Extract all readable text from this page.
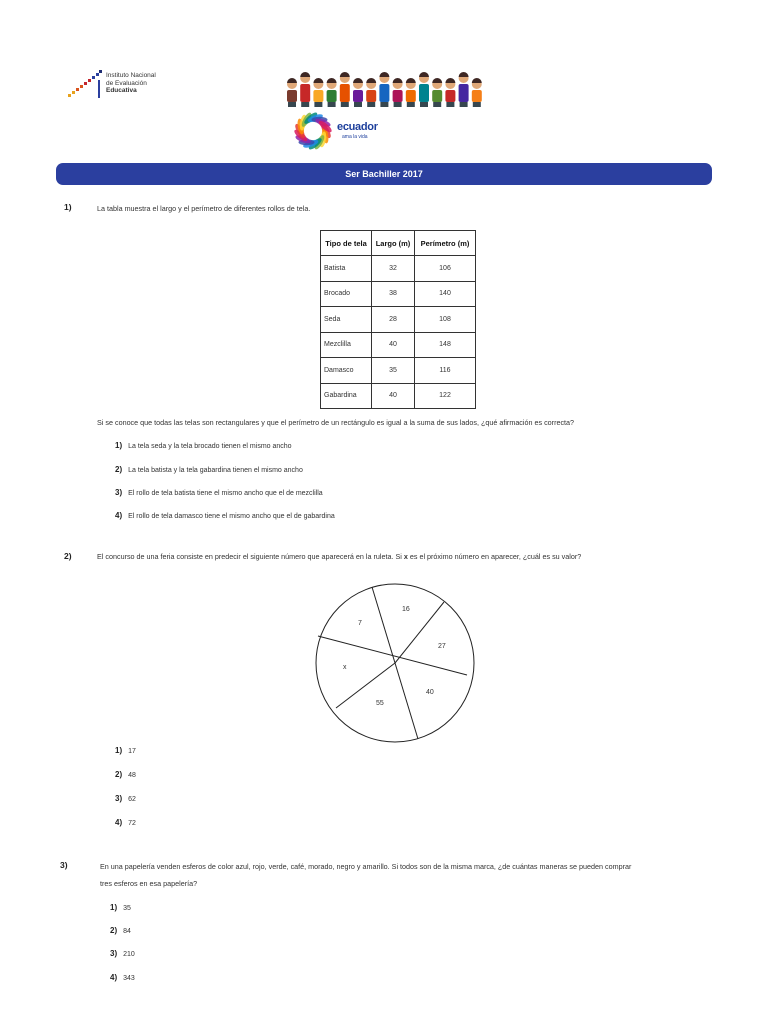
Instituto Nacional
de Evaluación
Educativa
ecuador
ama la vida
Ser Bachiller 2017
1)	La tabla muestra el largo y el perímetro de diferentes rollos de tela.
Tipo de tela	Largo (m)	Perímetro (m)
Batista	32	106
Brocado	38	140
Seda	28	108
Mezclilla	40	148
Damasco	35	116
Gabardina	40	122
Si se conoce que todas las telas son rectangulares y que el perímetro de un rectángulo es igual a la suma de sus lados, ¿qué afirmación es correcta?
1) La tela seda y la tela brocado tienen el mismo ancho
2) La tela batista y la tela gabardina tienen el mismo ancho
3) El rollo de tela batista tiene el mismo ancho que el de mezclilla
4) El rollo de tela damasco tiene el mismo ancho que el de gabardina
2)	El concurso de una feria consiste en predecir el siguiente número que aparecerá en la ruleta. Si x es el próximo número en aparecer, ¿cuál es su valor?
7
16
27
40
55
x
1) 17
2) 48
3) 62
4) 72
3)	En una papelería venden esferos de color azul, rojo, verde, café, morado, negro y amarillo. Si todos son de la misma marca, ¿de cuántas maneras se pueden comprar
tres esferos en esa papelería?
1) 35
2) 84
3) 210
4) 343
